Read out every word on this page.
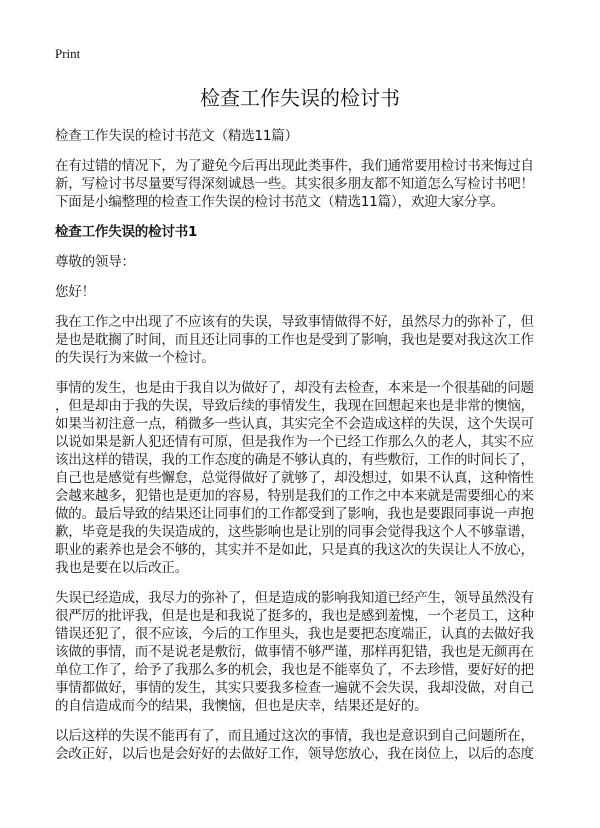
Print
检查工作失误的检讨书

检查工作失误的检讨书范文（精选11篇）

在有过错的情况下，为了避免今后再出现此类事件，我们通常要用检讨书来悔过自
新，写检讨书尽量要写得深刻诚恳一些。其实很多朋友都不知道怎么写检讨书吧！
下面是小编整理的检查工作失误的检讨书范文（精选11篇），欢迎大家分享。

检查工作失误的检讨书1

尊敬的领导：

您好！

我在工作之中出现了不应该有的失误，导致事情做得不好，虽然尽力的弥补了，但
是也是耽搁了时间，而且还让同事的工作也是受到了影响，我也是要对我这次工作
的失误行为来做一个检讨。

事情的发生，也是由于我自以为做好了，却没有去检查，本来是一个很基础的问题
，但是却由于我的失误，导致后续的事情发生，我现在回想起来也是非常的懊恼，
如果当初注意一点，稍微多一些认真，其实完全不会造成这样的失误，这个失误可
以说如果是新人犯还情有可原，但是我作为一个已经工作那么久的老人，其实不应
该出这样的错误，我的工作态度的确是不够认真的，有些敷衍，工作的时间长了，
自己也是感觉有些懈怠，总觉得做好了就够了，却没想过，如果不认真，这种惰性
会越来越多，犯错也是更加的容易，特别是我们的工作之中本来就是需要细心的来
做的。最后导致的结果还让同事们的工作都受到了影响，我也是要跟同事说一声抱
歉，毕竟是我的失误造成的，这些影响也是让别的同事会觉得我这个人不够靠谱，
职业的素养也是会不够的，其实并不是如此，只是真的我这次的失误让人不放心，
我也是要在以后改正。

失误已经造成，我尽力的弥补了，但是造成的影响我知道已经产生，领导虽然没有
很严厉的批评我，但是也是和我说了挺多的，我也是感到羞愧，一个老员工，这种
错误还犯了，很不应该，今后的工作里头，我也是要把态度端正，认真的去做好我
该做的事情，而不是说老是敷衍，做事情不够严谨，那样再犯错，我也是无颜再在
单位工作了，给予了我那么多的机会，我也是不能辜负了，不去珍惜，要好好的把
事情都做好，事情的发生，其实只要我多检查一遍就不会失误，我却没做，对自己
的自信造成而今的结果，我懊恼，但也是庆幸，结果还是好的。

以后这样的失误不能再有了，而且通过这次的事情，我也是意识到自己问题所在，
会改正好，以后也是会好好的去做好工作，领导您放心，我在岗位上，以后的态度
